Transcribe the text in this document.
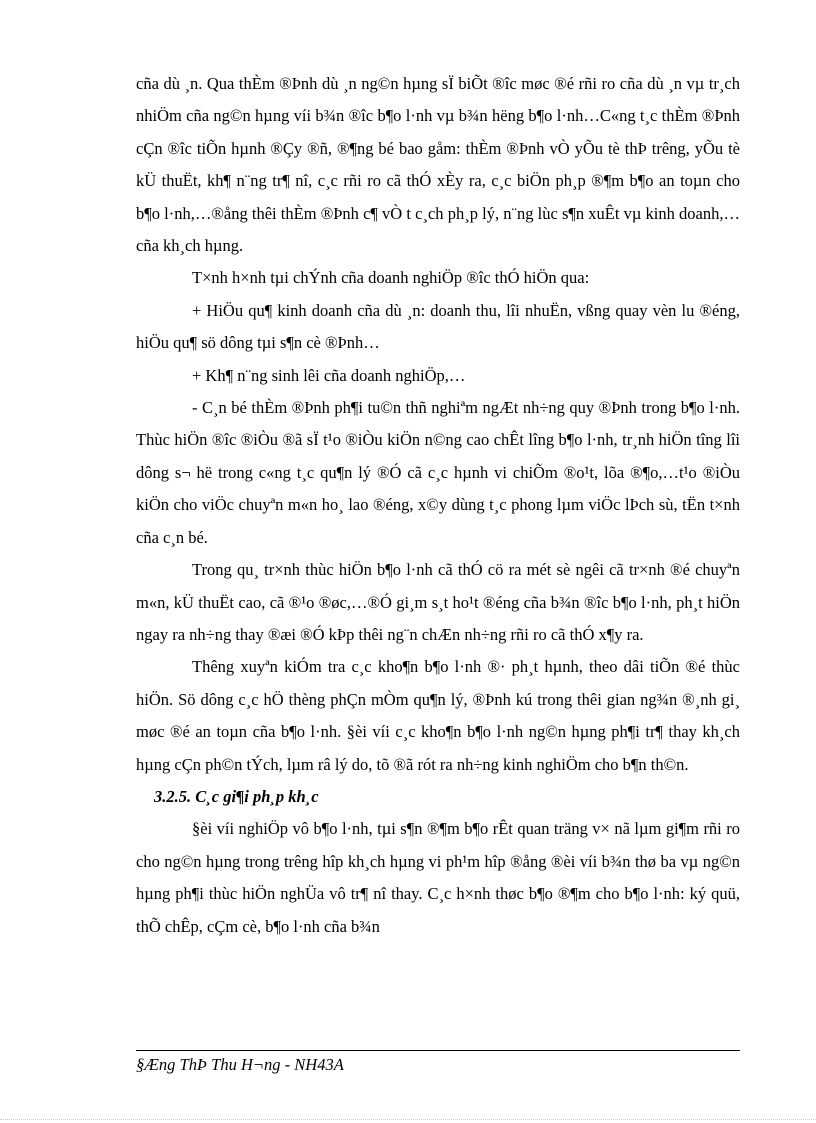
cña dù ¸n. Qua thÈm ®Þnh dù ¸n ng©n hµng sÏ biÕt ®îc møc ®é rñi ro cña dù ¸n vµ tr¸ch nhiÖm cña ng©n hµng víi b¾n ®îc b¶o l·nh vµ b¾n hëng b¶o l·nh…C«ng t¸c thÈm ®Þnh cÇn ®îc tiÕn hµnh ®Çy ®ñ, ®¶ng bé bao gåm: thÈm ®Þnh vÒ yÕu tè thÞ trêng, yÕu tè kÜ thuËt, kh¶ n¨ng tr¶ nî, c¸c rñi ro cã thÓ xÈy ra, c¸c biÖn ph¸p ®¶m b¶o an toµn cho b¶o l·nh,…®ång thêi thÈm ®Þnh c¶ vÒ t c¸ch ph¸p lý, n¨ng lùc s¶n xuÊt vµ kinh doanh,…cña kh¸ch hµng.

T×nh h×nh tµi chÝnh cña doanh nghiÖp ®îc thÓ hiÖn qua:

+ HiÖu qu¶ kinh doanh cña dù ¸n: doanh thu, lîi nhuËn, vßng quay vèn lu ®éng, hiÖu qu¶ sö dông tµi s¶n cè ®Þnh…

+ Kh¶ n¨ng sinh lêi cña doanh nghiÖp,…

- C¸n bé thÈm ®Þnh ph¶i tu©n thñ nghiªm ngÆt nh÷ng quy ®Þnh trong b¶o l·nh. Thùc hiÖn ®îc ®iÒu ®ã sÏ t¹o ®iÒu kiÖn n©ng cao chÊt lîng b¶o l·nh, tr¸nh hiÖn tîng lîi dông s¬ hë trong c«ng t¸c qu¶n lý ®Ó cã c¸c hµnh vi chiÕm ®o¹t, lõa ®¶o,…t¹o ®iÒu kiÖn cho viÖc chuyªn m«n ho¸ lao ®éng, x©y dùng t¸c phong lµm viÖc lÞch sù, tËn t×nh cña c¸n bé.

Trong qu¸ tr×nh thùc hiÖn b¶o l·nh cã thÓ cö ra mét sè ngêi cã tr×nh ®é chuyªn m«n, kÜ thuËt cao, cã ®¹o ®øc,…®Ó gi¸m s¸t ho¹t ®éng cña b¾n ®îc b¶o l·nh, ph¸t hiÖn ngay ra nh÷ng thay ®æi ®Ó kÞp thêi ng¨n chÆn nh÷ng rñi ro cã thÓ x¶y ra.

Thêng xuyªn kiÓm tra c¸c kho¶n b¶o l·nh ®· ph¸t hµnh, theo dâi tiÕn ®é thùc hiÖn. Sö dông c¸c hÖ thèng phÇn mÒm qu¶n lý, ®Þnh kú trong thêi gian ng¾n ®¸nh gi¸ møc ®é an toµn cña b¶o l·nh. §èi víi c¸c kho¶n b¶o l·nh ng©n hµng ph¶i tr¶ thay kh¸ch hµng cÇn ph©n tÝch, lµm râ lý do, tõ ®ã rót ra nh÷ng kinh nghiÖm cho b¶n th©n.

3.2.5. C¸c gi¶i ph¸p kh¸c

§èi víi nghiÖp vô b¶o l·nh, tµi s¶n ®¶m b¶o rÊt quan träng v× nã lµm gi¶m rñi ro cho ng©n hµng trong trêng hîp kh¸ch hµng vi ph¹m hîp ®ång ®èi víi b¾n thø ba vµ ng©n hµng ph¶i thùc hiÖn nghÜa vô tr¶ nî thay. C¸c h×nh thøc b¶o ®¶m cho b¶o l·nh: ký quü, thÕ chÊp, cÇm cè, b¶o l·nh cña b¾n

§Æng ThÞ Thu H¬ng - NH43A
